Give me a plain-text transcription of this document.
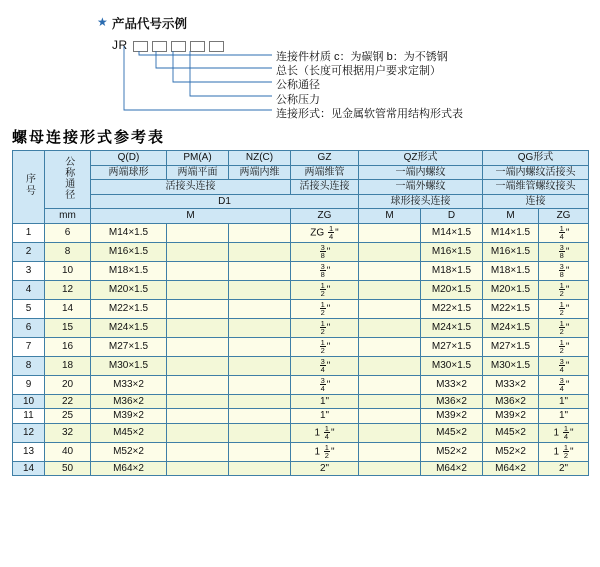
★ 产品代号示例
JR
连接件材质 c：为碳钢 b：为不锈钢
总长（长度可根据用户要求定制）
公称通径
公称压力
连接形式：见金属软管常用结构形式表
螺母连接形式参考表
序号	公称通径	Q(D)	PM(A)	NZ(C)	GZ	QZ形式		QG形式	
		两端球形	两端平面	两端内维	两端维管	一端内螺纹		一端内螺纹活接头	
		活接头连接			活接头连接	一端外螺纹		一端维管螺纹接头	
		D1				球形接头连接		连接	
	mm	M			ZG	M	D	M	ZG
1	6	M14×1.5			ZG $\frac{1}{4}$ "		M14×1.5	M14×1.5	$\frac{1}{4}$ "
2	8	M16×1.5			$\frac{3}{8}$ "		M16×1.5	M16×1.5	$\frac{3}{8}$ "
3	10	M18×1.5			$\frac{3}{8}$ "		M18×1.5	M18×1.5	$\frac{3}{8}$ "
4	12	M20×1.5			$\frac{1}{2}$ "		M20×1.5	M20×1.5	$\frac{1}{2}$ "
5	14	M22×1.5			$\frac{1}{2}$ "		M22×1.5	M22×1.5	$\frac{1}{2}$ "
6	15	M24×1.5			$\frac{1}{2}$ "		M24×1.5	M24×1.5	$\frac{1}{2}$ "
7	16	M27×1.5			$\frac{1}{2}$ "		M27×1.5	M27×1.5	$\frac{1}{2}$ "
8	18	M30×1.5			$\frac{3}{4}$ "		M30×1.5	M30×1.5	$\frac{3}{4}$ "
9	20	M33×2			$\frac{3}{4}$ "		M33×2	M33×2	$\frac{3}{4}$ "
10	22	M36×2			1"		M36×2	M36×2	1"
11	25	M39×2			1"		M39×2	M39×2	1"
12	32	M45×2			$1 \frac{1}{4}$ "		M45×2	M45×2	$1 \frac{1}{4}$ "
13	40	M52×2			$1 \frac{1}{2}$ "		M52×2	M52×2	$1 \frac{1}{2}$ "
14	50	M64×2			2"		M64×2	M64×2	2"
